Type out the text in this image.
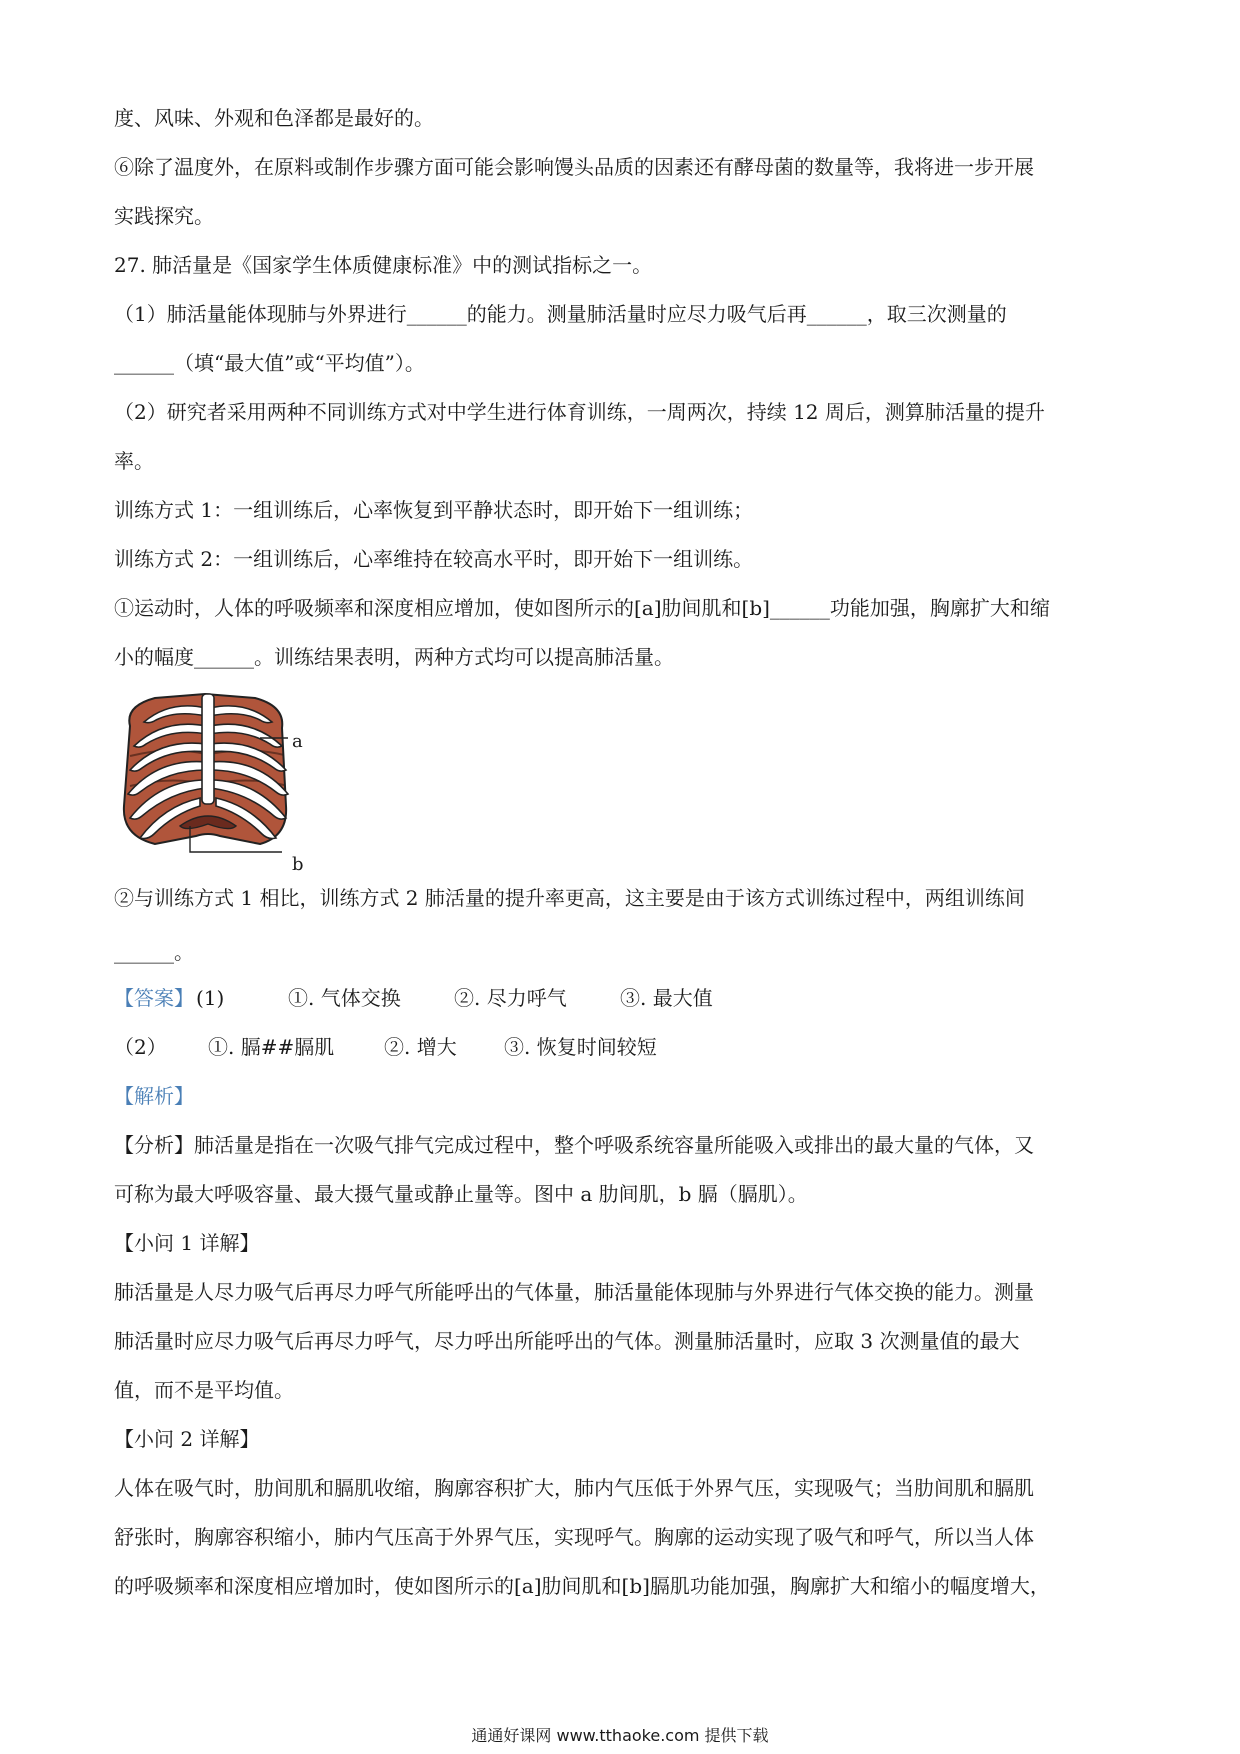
度、风味、外观和色泽都是最好的。
⑥除了温度外，在原料或制作步骤方面可能会影响馒头品质的因素还有酵母菌的数量等，我将进一步开展
实践探究。
27. 肺活量是《国家学生体质健康标准》中的测试指标之一。
（1）肺活量能体现肺与外界进行______的能力。测量肺活量时应尽力吸气后再______，取三次测量的
______（填“最大值”或“平均值”）。
（2）研究者采用两种不同训练方式对中学生进行体育训练，一周两次，持续 12 周后，测算肺活量的提升
率。
训练方式 1：一组训练后，心率恢复到平静状态时，即开始下一组训练；
训练方式 2：一组训练后，心率维持在较高水平时，即开始下一组训练。
①运动时，人体的呼吸频率和深度相应增加，使如图所示的[a]肋间肌和[b]______功能加强，胸廓扩大和缩
小的幅度______。训练结果表明，两种方式均可以提高肺活量。
a
b
②与训练方式 1 相比，训练方式 2 肺活量的提升率更高，这主要是由于该方式训练过程中，两组训练间
______。
【答案】 (1)	①. 气体交换	②. 尽力呼气	③. 最大值
（2） ①. 膈##膈肌 ②. 增大 ③. 恢复时间较短
【解析】
【分析】肺活量是指在一次吸气排气完成过程中，整个呼吸系统容量所能吸入或排出的最大量的气体，又
可称为最大呼吸容量、最大摄气量或静止量等。图中 a 肋间肌，b 膈（膈肌）。
【小问 1 详解】
肺活量是人尽力吸气后再尽力呼气所能呼出的气体量，肺活量能体现肺与外界进行气体交换的能力。测量
肺活量时应尽力吸气后再尽力呼气，尽力呼出所能呼出的气体。测量肺活量时，应取 3 次测量值的最大
值，而不是平均值。
【小问 2 详解】
人体在吸气时，肋间肌和膈肌收缩，胸廓容积扩大，肺内气压低于外界气压，实现吸气；当肋间肌和膈肌
舒张时，胸廓容积缩小，肺内气压高于外界气压，实现呼气。胸廓的运动实现了吸气和呼气，所以当人体
的呼吸频率和深度相应增加时，使如图所示的[a]肋间肌和[b]膈肌功能加强，胸廓扩大和缩小的幅度增大，
通通好课网 www.tthaoke.com 提供下载
